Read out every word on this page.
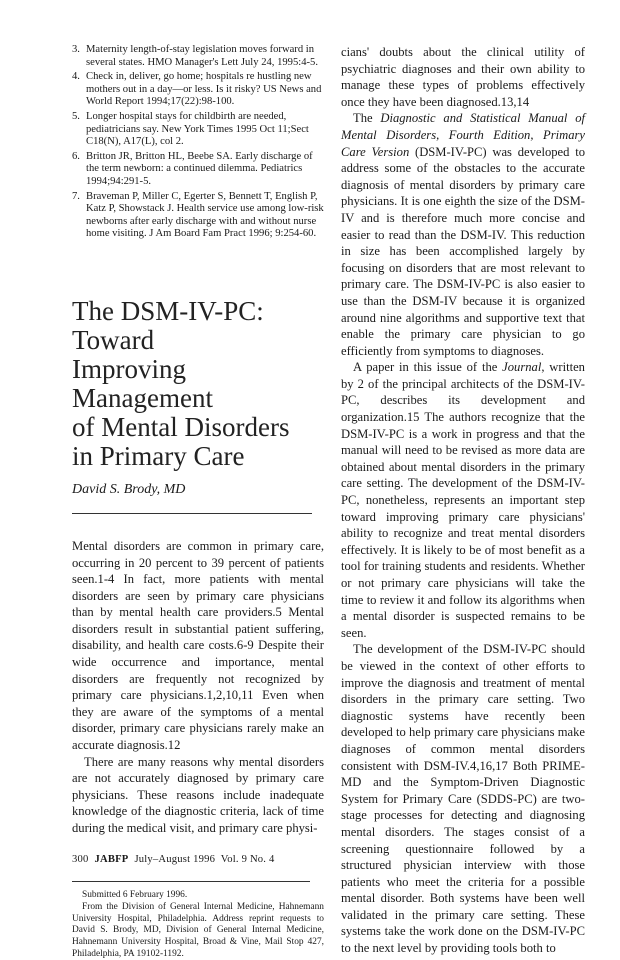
3. Maternity length-of-stay legislation moves forward in several states. HMO Manager's Lett July 24, 1995:4-5.
4. Check in, deliver, go home; hospitals re hustling new mothers out in a day—or less. Is it risky? US News and World Report 1994;17(22):98-100.
5. Longer hospital stays for childbirth are needed, pediatricians say. New York Times 1995 Oct 11;Sect C18(N), A17(L), col 2.
6. Britton JR, Britton HL, Beebe SA. Early discharge of the term newborn: a continued dilemma. Pediatrics 1994;94:291-5.
7. Braveman P, Miller C, Egerter S, Bennett T, English P, Katz P, Showstack J. Health service use among low-risk newborns after early discharge with and without nurse home visiting. J Am Board Fam Pract 1996; 9:254-60.
The DSM-IV-PC: Toward
Improving Management
of Mental Disorders
in Primary Care
David S. Brody, MD

Mental disorders are common in primary care, occurring in 20 percent to 39 percent of patients seen.1-4 In fact, more patients with mental disorders are seen by primary care physicians than by mental health care providers.5 Mental disorders result in substantial patient suffering, disability, and health care costs.6-9 Despite their wide occurrence and importance, mental disorders are frequently not recognized by primary care physicians.1,2,10,11 Even when they are aware of the symptoms of a mental disorder, primary care physicians rarely make an accurate diagnosis.12

There are many reasons why mental disorders are not accurately diagnosed by primary care physicians. These reasons include inadequate knowledge of the diagnostic criteria, lack of time during the medical visit, and primary care physi-

Submitted 6 February 1996.

From the Division of General Internal Medicine, Hahnemann University Hospital, Philadelphia. Address reprint requests to David S. Brody, MD, Division of General Internal Medicine, Hahnemann University Hospital, Broad & Vine, Mail Stop 427, Philadelphia, PA 19102-1192.

cians' doubts about the clinical utility of psychiatric diagnoses and their own ability to manage these types of problems effectively once they have been diagnosed.13,14

The Diagnostic and Statistical Manual of Mental Disorders, Fourth Edition, Primary Care Version (DSM-IV-PC) was developed to address some of the obstacles to the accurate diagnosis of mental disorders by primary care physicians. It is one eighth the size of the DSM-IV and is therefore much more concise and easier to read than the DSM-IV. This reduction in size has been accomplished largely by focusing on disorders that are most relevant to primary care. The DSM-IV-PC is also easier to use than the DSM-IV because it is organized around nine algorithms and supportive text that enable the primary care physician to go efficiently from symptoms to diagnoses.

A paper in this issue of the Journal, written by 2 of the principal architects of the DSM-IV-PC, describes its development and organization.15 The authors recognize that the DSM-IV-PC is a work in progress and that the manual will need to be revised as more data are obtained about mental disorders in the primary care setting. The development of the DSM-IV-PC, nonetheless, represents an important step toward improving primary care physicians' ability to recognize and treat mental disorders effectively. It is likely to be of most benefit as a tool for training students and residents. Whether or not primary care physicians will take the time to review it and follow its algorithms when a mental disorder is suspected remains to be seen.

The development of the DSM-IV-PC should be viewed in the context of other efforts to improve the diagnosis and treatment of mental disorders in the primary care setting. Two diagnostic systems have recently been developed to help primary care physicians make diagnoses of common mental disorders consistent with DSM-IV.4,16,17 Both PRIME-MD and the Symptom-Driven Diagnostic System for Primary Care (SDDS-PC) are two-stage processes for detecting and diagnosing mental disorders. The stages consist of a screening questionnaire followed by a structured physician interview with those patients who meet the criteria for a possible mental disorder. Both systems have been well validated in the primary care setting. These systems take the work done on the DSM-IV-PC to the next level by providing tools both to

300 JABFP July–August 1996 Vol. 9 No. 4
